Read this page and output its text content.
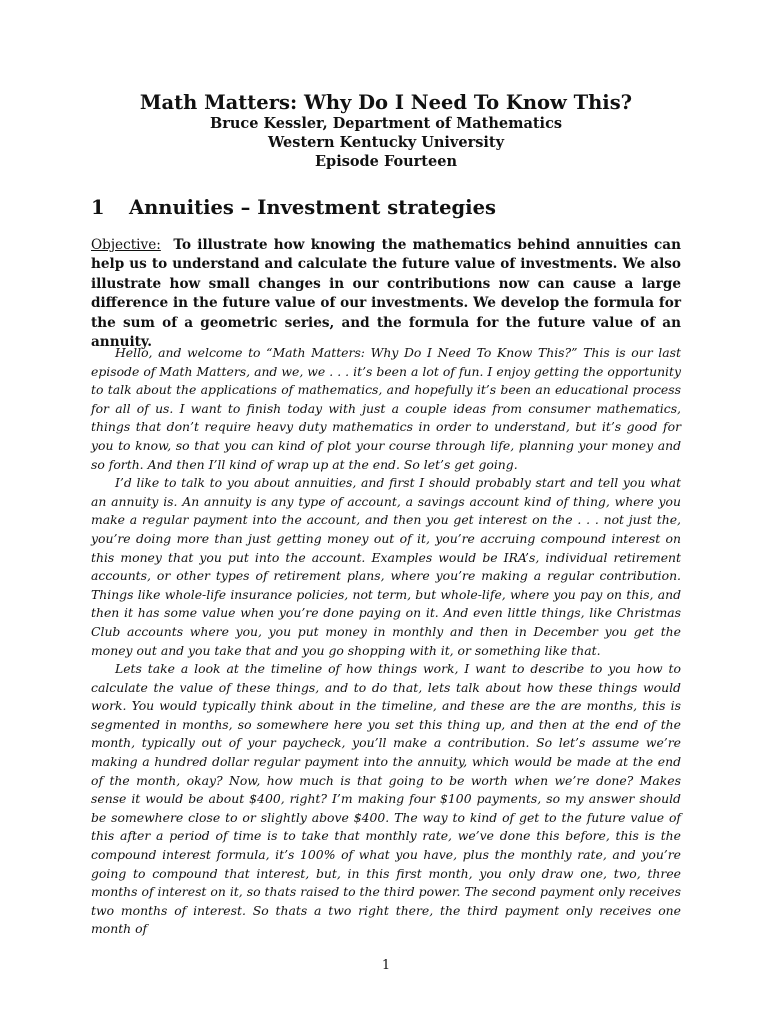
Math Matters: Why Do I Need To Know This?
Bruce Kessler, Department of Mathematics
Western Kentucky University
Episode Fourteen
1 Annuities – Investment strategies

Objective: To illustrate how knowing the mathematics behind annuities can help us to understand and calculate the future value of investments. We also illustrate how small changes in our contributions now can cause a large difference in the future value of our investments. We develop the formula for the sum of a geometric series, and the formula for the future value of an annuity.

Hello, and welcome to “Math Matters: Why Do I Need To Know This?” This is our last episode of Math Matters, and we, we . . . it’s been a lot of fun. I enjoy getting the opportunity to talk about the applications of mathematics, and hopefully it’s been an educational process for all of us. I want to finish today with just a couple ideas from consumer mathematics, things that don’t require heavy duty mathematics in order to understand, but it’s good for you to know, so that you can kind of plot your course through life, planning your money and so forth. And then I’ll kind of wrap up at the end. So let’s get going.

I’d like to talk to you about annuities, and first I should probably start and tell you what an annuity is. An annuity is any type of account, a savings account kind of thing, where you make a regular payment into the account, and then you get interest on the . . . not just the, you’re doing more than just getting money out of it, you’re accruing compound interest on this money that you put into the account. Examples would be IRA’s, individual retirement accounts, or other types of retirement plans, where you’re making a regular contribution. Things like whole-life insurance policies, not term, but whole-life, where you pay on this, and then it has some value when you’re done paying on it. And even little things, like Christmas Club accounts where you, you put money in monthly and then in December you get the money out and you take that and you go shopping with it, or something like that.

Lets take a look at the timeline of how things work, I want to describe to you how to calculate the value of these things, and to do that, lets talk about how these things would work. You would typically think about in the timeline, and these are the are months, this is segmented in months, so somewhere here you set this thing up, and then at the end of the month, typically out of your paycheck, you’ll make a contribution. So let’s assume we’re making a hundred dollar regular payment into the annuity, which would be made at the end of the month, okay? Now, how much is that going to be worth when we’re done? Makes sense it would be about $400, right? I’m making four $100 payments, so my answer should be somewhere close to or slightly above $400. The way to kind of get to the future value of this after a period of time is to take that monthly rate, we’ve done this before, this is the compound interest formula, it’s 100% of what you have, plus the monthly rate, and you’re going to compound that interest, but, in this first month, you only draw one, two, three months of interest on it, so thats raised to the third power. The second payment only receives two months of interest. So thats a two right there, the third payment only receives one month of

1
